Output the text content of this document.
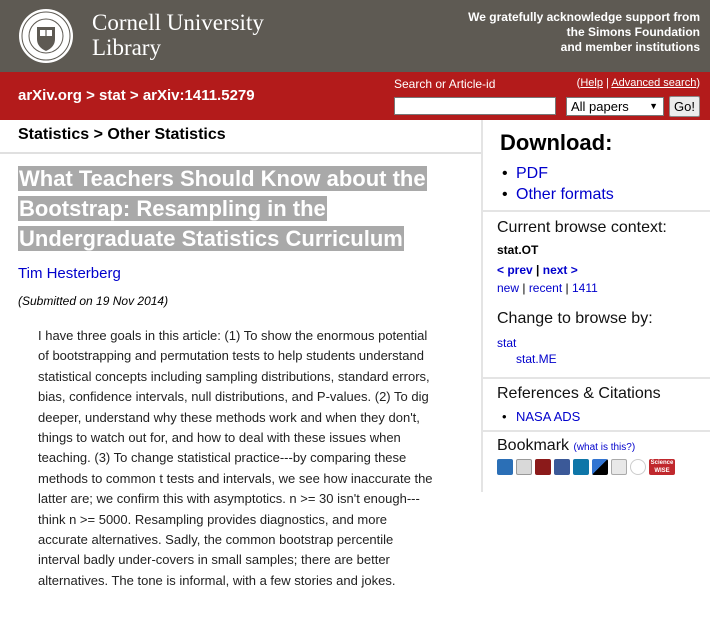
Cornell University
Library
We gratefully acknowledge support from
the Simons Foundation
and member institutions
arXiv.org > stat > arXiv:1411.5279
Search or Article-id	(Help | Advanced search)
All papers ▼	Go!
Statistics > Other Statistics
What Teachers Should Know about the Bootstrap: Resampling in the Undergraduate Statistics Curriculum
Tim Hesterberg
(Submitted on 19 Nov 2014)
I have three goals in this article: (1) To show the enormous potential of bootstrapping and permutation tests to help students understand statistical concepts including sampling distributions, standard errors, bias, confidence intervals, null distributions, and P-values. (2) To dig deeper, understand why these methods work and when they don't, things to watch out for, and how to deal with these issues when teaching. (3) To change statistical practice---by comparing these methods to common t tests and intervals, we see how inaccurate the latter are; we confirm this with asymptotics. n >= 30 isn't enough---think n >= 5000. Resampling provides diagnostics, and more accurate alternatives. Sadly, the common bootstrap percentile interval badly under-covers in small samples; there are better alternatives. The tone is informal, with a few stories and jokes.
Download:
• PDF
• Other formats
Current browse context:
stat.OT
< prev | next >
new | recent | 1411
Change to browse by:
stat
stat.ME
References & Citations
• NASA ADS
Bookmark (what is this?)
Science WISE
